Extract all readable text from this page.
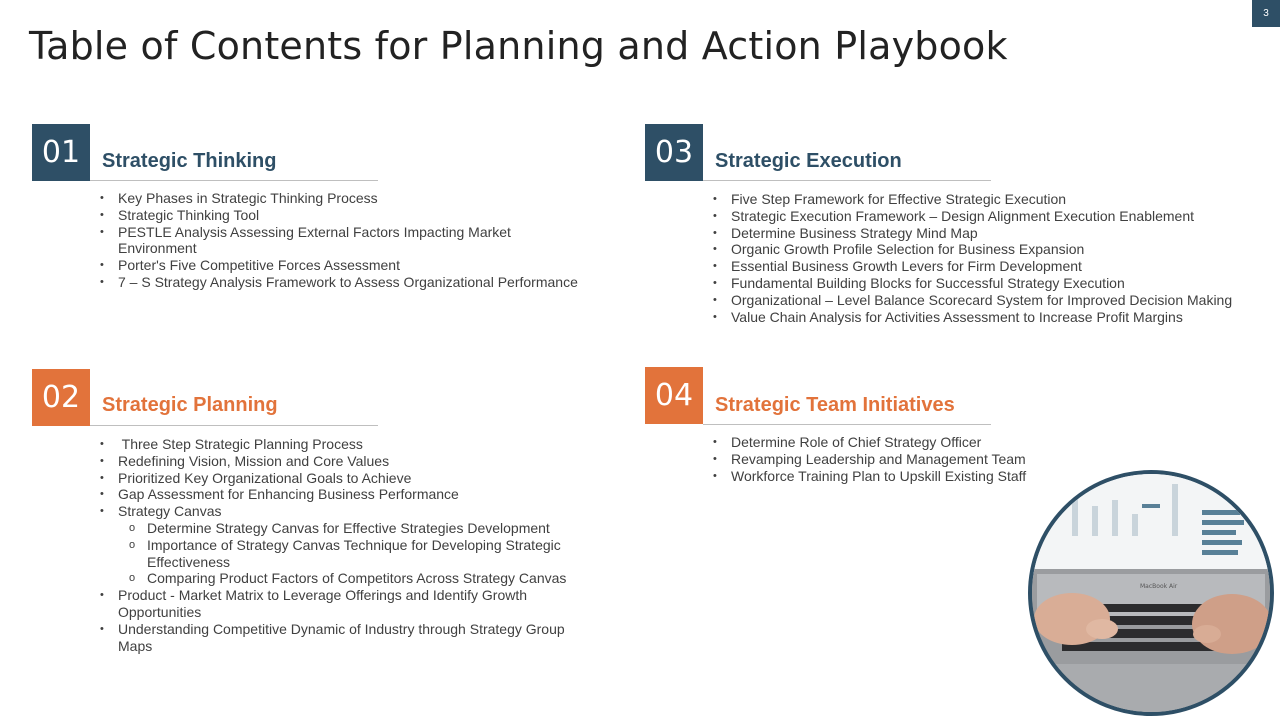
3
Table of Contents for Planning and Action Playbook
01	Strategic Thinking
• Key Phases in Strategic Thinking Process
• Strategic Thinking Tool
• PESTLE Analysis Assessing External Factors Impacting Market Environment
• Porter's Five Competitive Forces Assessment
• 7 – S Strategy Analysis Framework to Assess Organizational Performance
02	Strategic Planning
• Three Step Strategic Planning Process
• Redefining Vision, Mission and Core Values
• Prioritized Key Organizational Goals to Achieve
• Gap Assessment for Enhancing Business Performance
• Strategy Canvas
o Determine Strategy Canvas for Effective Strategies Development
o Importance of Strategy Canvas Technique for Developing Strategic Effectiveness
o Comparing Product Factors of Competitors Across Strategy Canvas
• Product - Market Matrix to Leverage Offerings and Identify Growth Opportunities
• Understanding Competitive Dynamic of Industry through Strategy Group Maps
03	Strategic Execution
• Five Step Framework for Effective Strategic Execution
• Strategic Execution Framework – Design Alignment Execution Enablement
• Determine Business Strategy Mind Map
• Organic Growth Profile Selection for Business Expansion
• Essential Business Growth Levers for Firm Development
• Fundamental Building Blocks for Successful Strategy Execution
• Organizational – Level Balance Scorecard System for Improved Decision Making
• Value Chain Analysis for Activities Assessment to Increase Profit Margins
04	Strategic Team Initiatives
• Determine Role of Chief Strategy Officer
• Revamping Leadership and Management Team
• Workforce Training Plan to Upskill Existing Staff
MacBook Air
